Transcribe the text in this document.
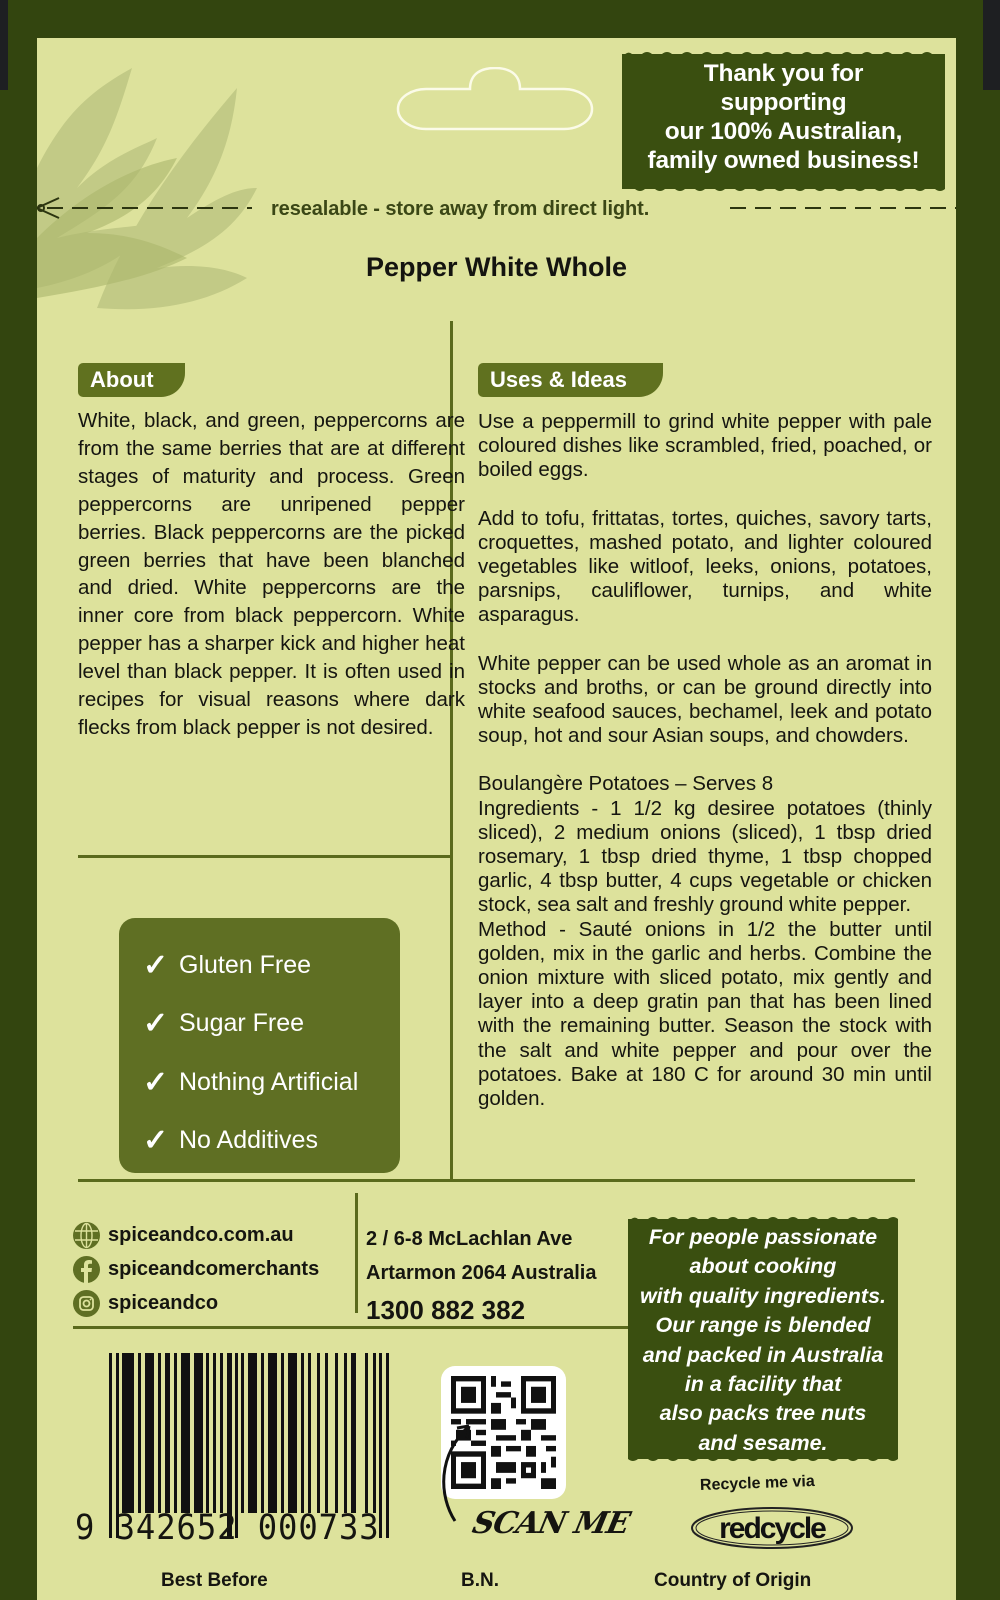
Thank you for
supporting
our 100% Australian,
family owned business!
resealable - store away from direct light.
Pepper White Whole
About	Uses & Ideas
White, black, and green, peppercorns are from the same berries that are at different stages of maturity and process. Green peppercorns are unripened pepper berries. Black peppercorns are the picked green berries that have been blanched and dried. White peppercorns are the inner core from black peppercorn. White pepper has a sharper kick and higher heat level than black pepper. It is often used in recipes for visual reasons where dark flecks from black pepper is not desired.

Use a peppermill to grind white pepper with pale coloured dishes like scrambled, fried, poached, or boiled eggs.

Add to tofu, frittatas, tortes, quiches, savory tarts, croquettes, mashed potato, and lighter coloured vegetables like witloof, leeks, onions, potatoes, parsnips, cauliflower, turnips, and white asparagus.

White pepper can be used whole as an aromat in stocks and broths, or can be ground directly into white seafood sauces, bechamel, leek and potato soup, hot and sour Asian soups, and chowders.

Boulangère Potatoes – Serves 8

Ingredients - 1 1/2 kg desiree potatoes (thinly sliced), 2 medium onions (sliced), 1 tbsp dried rosemary, 1 tbsp dried thyme, 1 tbsp chopped garlic, 4 tbsp butter, 4 cups vegetable or chicken stock, sea salt and freshly ground white pepper.

Method - Sauté onions in 1/2 the butter until golden, mix in the garlic and herbs. Combine the onion mixture with sliced potato, mix gently and layer into a deep gratin pan that has been lined with the remaining butter. Season the stock with the salt and white pepper and pour over the potatoes. Bake at 180 C for around 30 min until golden.

✓ Gluten Free
✓ Sugar Free
✓ Nothing Artificial
✓ No Additives
spiceandco.com.au
spiceandcomerchants
spiceandco
2 / 6-8 McLachlan Ave
Artarmon 2064 Australia
1300 882 382
For people passionate
about cooking
with quality ingredients.
Our range is blended
and packed in Australia
in a facility that
also packs tree nuts
and sesame.
9 342652 000733	SCAN ME
Recycle me via
redcycle
Best Before	B.N.	Country of Origin
